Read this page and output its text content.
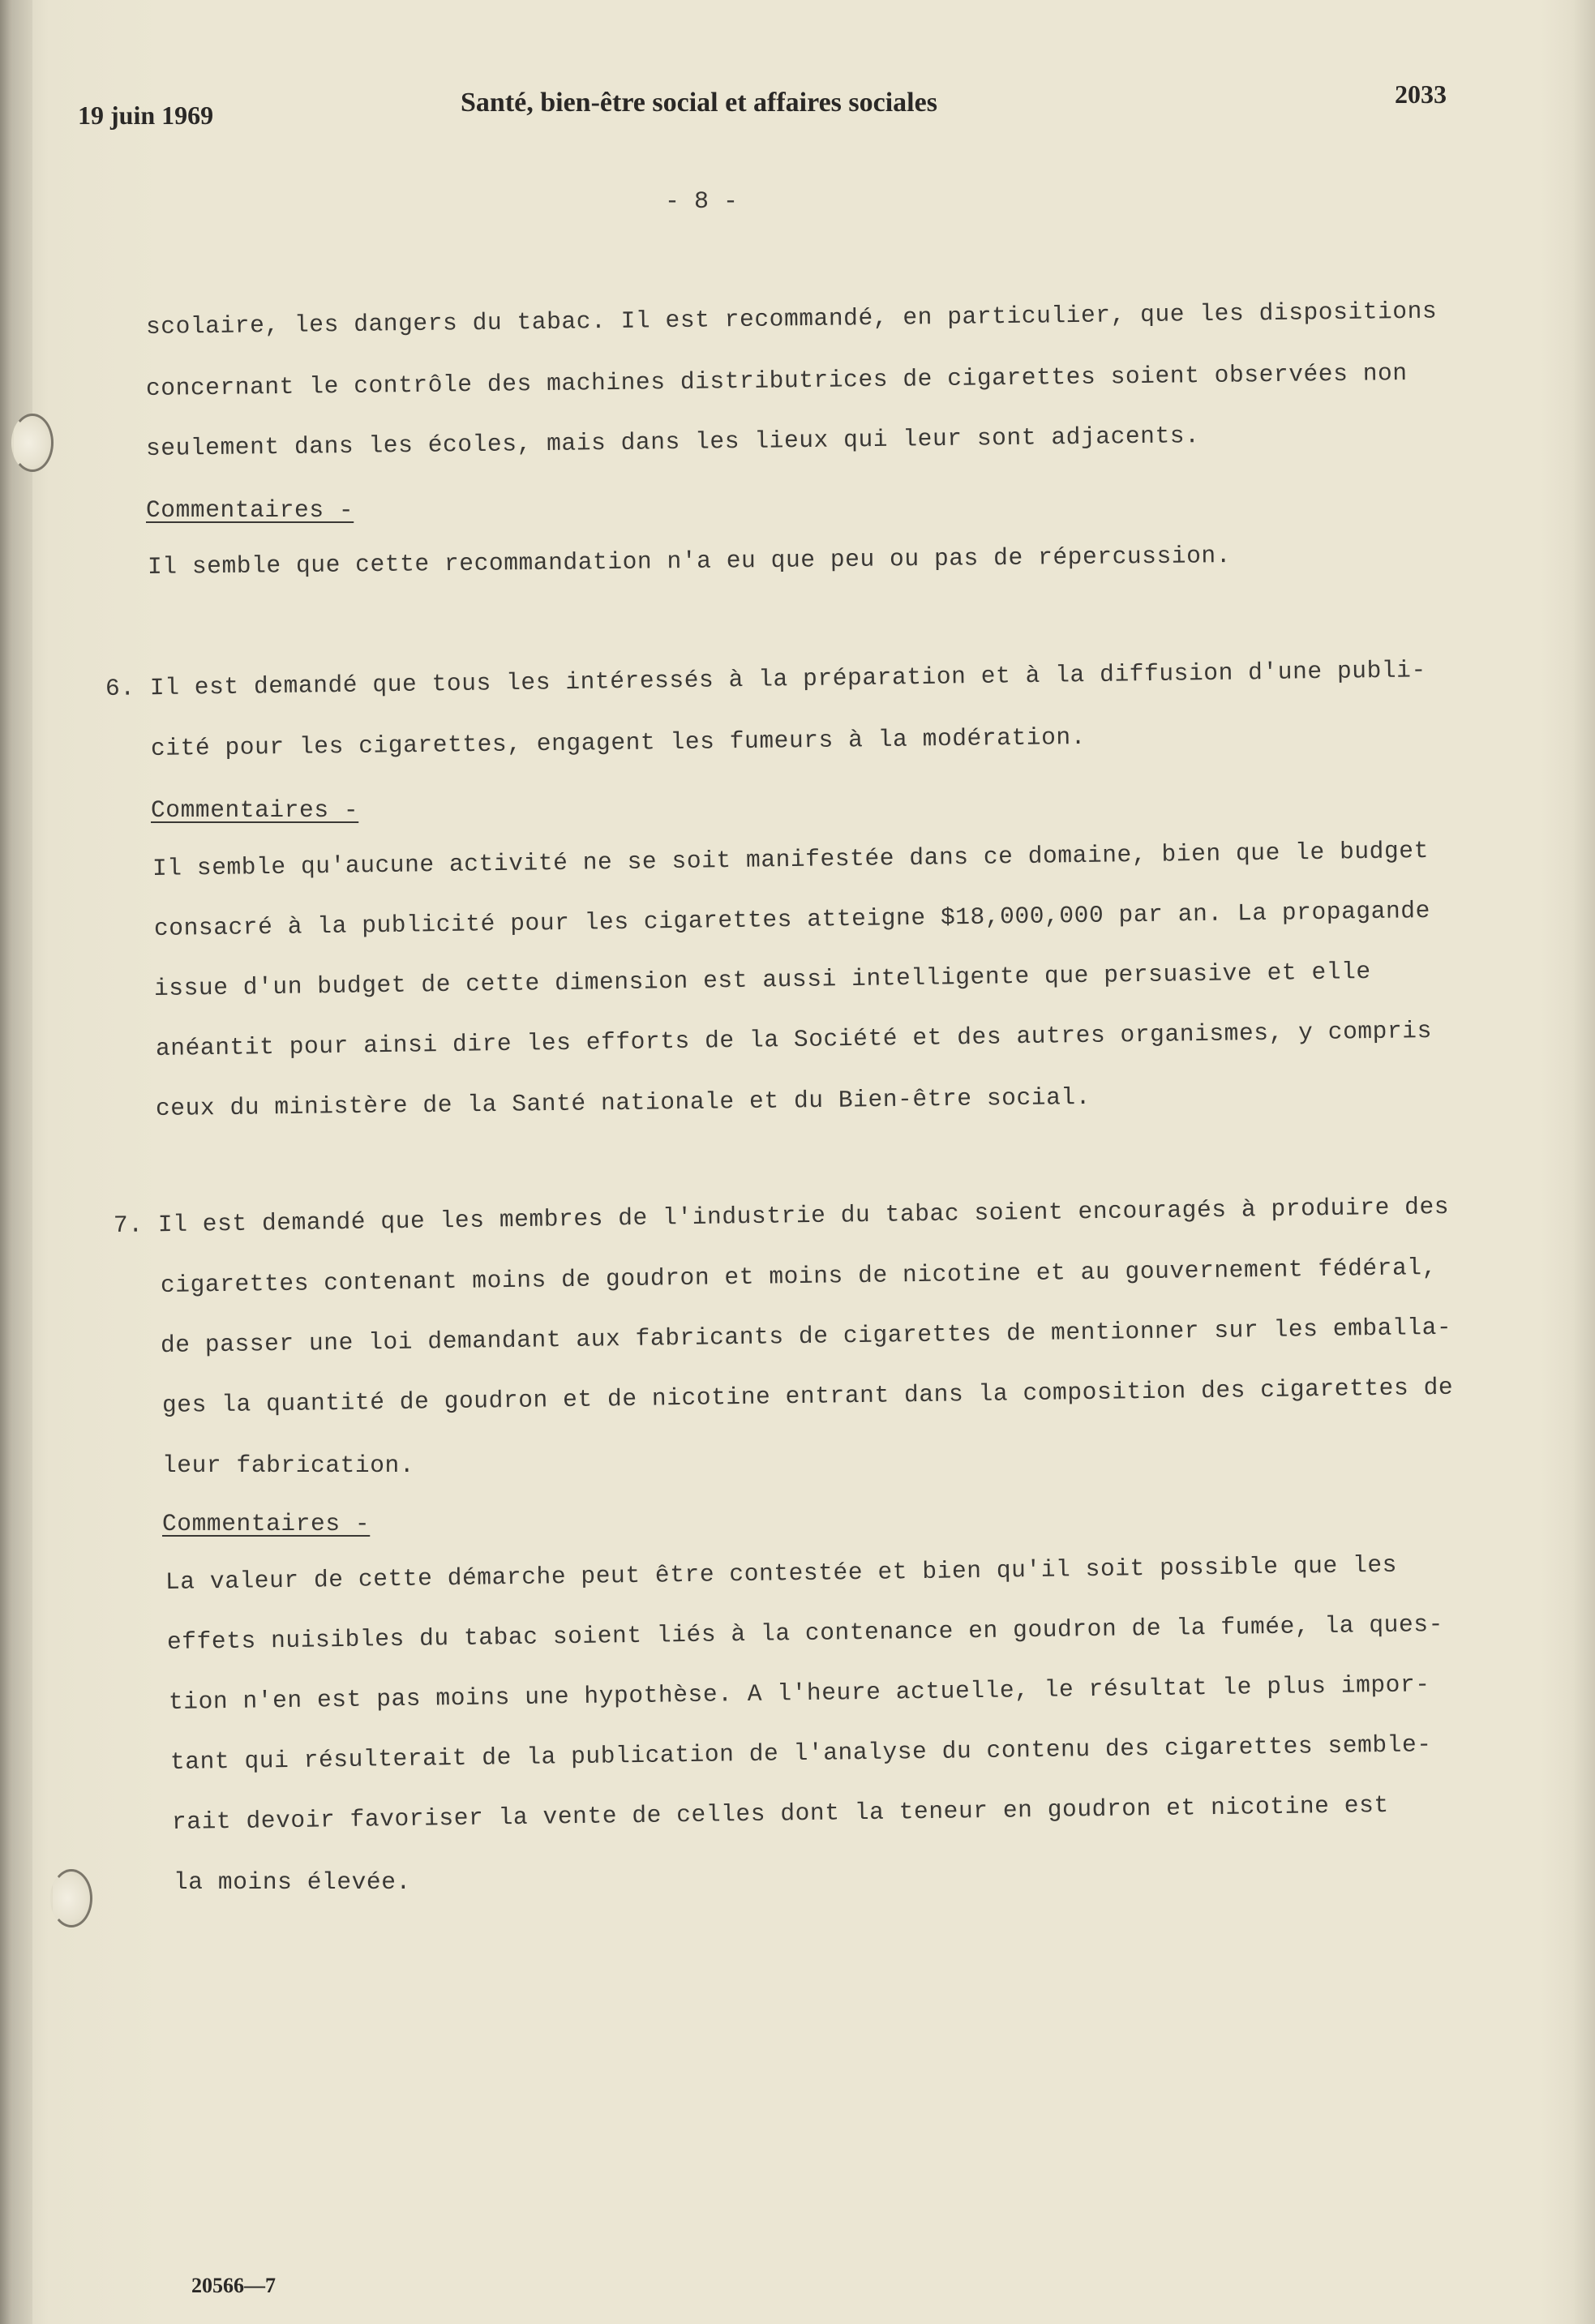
19 juin 1969	Santé, bien-être social et affaires sociales	2033
- 8 -
scolaire, les dangers du tabac. Il est recommandé, en particulier, que les dispositions
concernant le contrôle des machines distributrices de cigarettes soient observées non
seulement dans les écoles, mais dans les lieux qui leur sont adjacents.
Commentaires -
Il semble que cette recommandation n'a eu que peu ou pas de répercussion.
6. Il est demandé que tous les intéressés à la préparation et à la diffusion d'une publi-
cité pour les cigarettes, engagent les fumeurs à la modération.
Commentaires -
Il semble qu'aucune activité ne se soit manifestée dans ce domaine, bien que le budget
consacré à la publicité pour les cigarettes atteigne $18,000,000 par an. La propagande
issue d'un budget de cette dimension est aussi intelligente que persuasive et elle
anéantit pour ainsi dire les efforts de la Société et des autres organismes, y compris
ceux du ministère de la Santé nationale et du Bien-être social.
7. Il est demandé que les membres de l'industrie du tabac soient encouragés à produire des
cigarettes contenant moins de goudron et moins de nicotine et au gouvernement fédéral,
de passer une loi demandant aux fabricants de cigarettes de mentionner sur les emballa-
ges la quantité de goudron et de nicotine entrant dans la composition des cigarettes de
leur fabrication.
Commentaires -
La valeur de cette démarche peut être contestée et bien qu'il soit possible que les
effets nuisibles du tabac soient liés à la contenance en goudron de la fumée, la ques-
tion n'en est pas moins une hypothèse. A l'heure actuelle, le résultat le plus impor-
tant qui résulterait de la publication de l'analyse du contenu des cigarettes semble-
rait devoir favoriser la vente de celles dont la teneur en goudron et nicotine est
la moins élevée.
20566—7
